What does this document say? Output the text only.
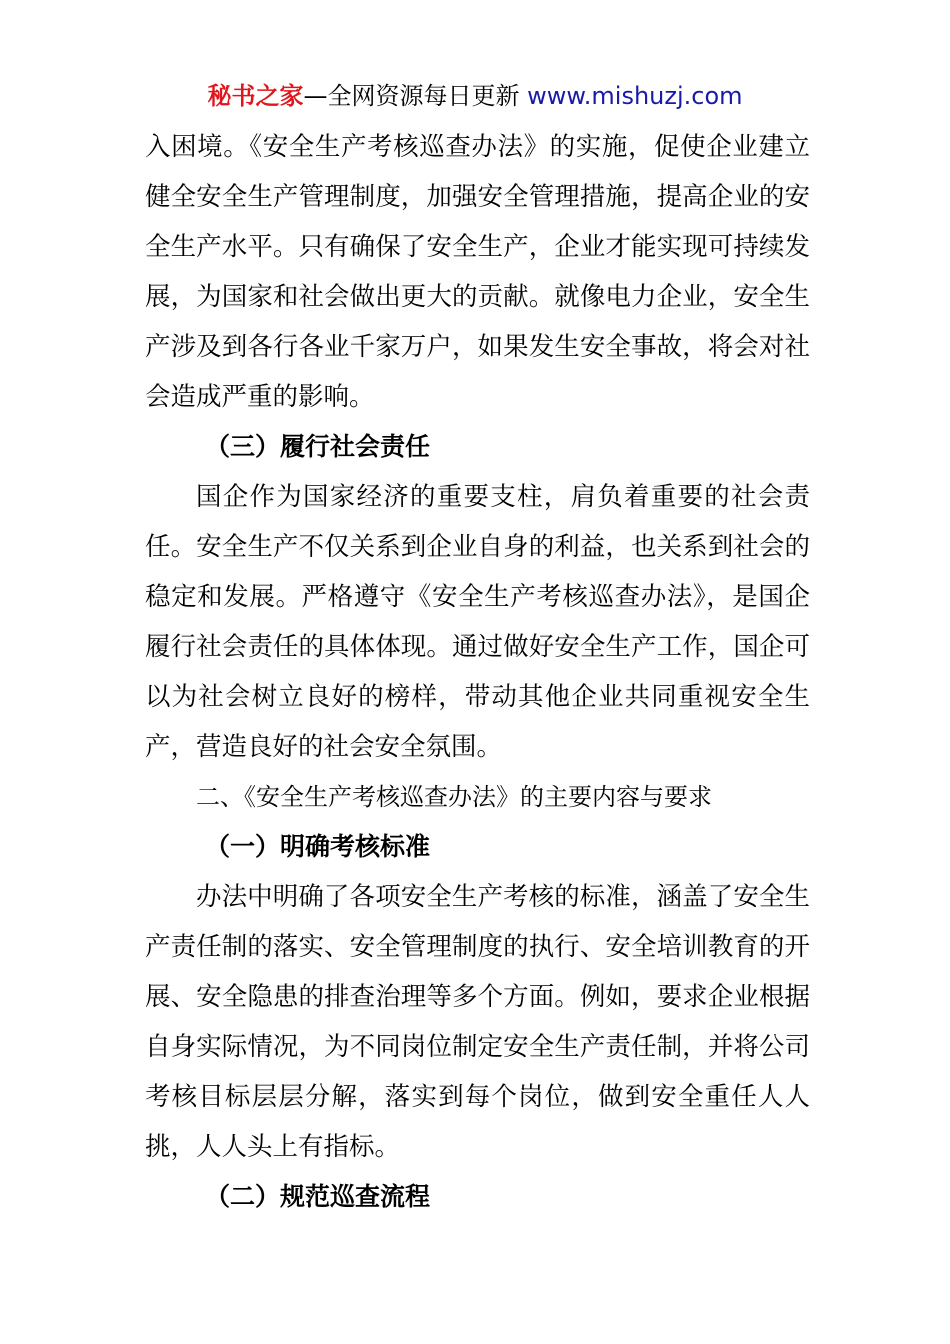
秘书之家—全网资源每日更新 www.mishuzj.com

入困境。《安全生产考核巡查办法》的实施，促使企业建立健全安全生产管理制度，加强安全管理措施，提高企业的安全生产水平。只有确保了安全生产，企业才能实现可持续发展，为国家和社会做出更大的贡献。就像电力企业，安全生产涉及到各行各业千家万户，如果发生安全事故，将会对社会造成严重的影响。

（三）履行社会责任

国企作为国家经济的重要支柱，肩负着重要的社会责任。安全生产不仅关系到企业自身的利益，也关系到社会的稳定和发展。严格遵守《安全生产考核巡查办法》，是国企履行社会责任的具体体现。通过做好安全生产工作，国企可以为社会树立良好的榜样，带动其他企业共同重视安全生产，营造良好的社会安全氛围。

二、《安全生产考核巡查办法》的主要内容与要求

（一）明确考核标准

办法中明确了各项安全生产考核的标准，涵盖了安全生产责任制的落实、安全管理制度的执行、安全培训教育的开展、安全隐患的排查治理等多个方面。例如，要求企业根据自身实际情况，为不同岗位制定安全生产责任制，并将公司考核目标层层分解，落实到每个岗位，做到安全重任人人挑，人人头上有指标。

（二）规范巡查流程
